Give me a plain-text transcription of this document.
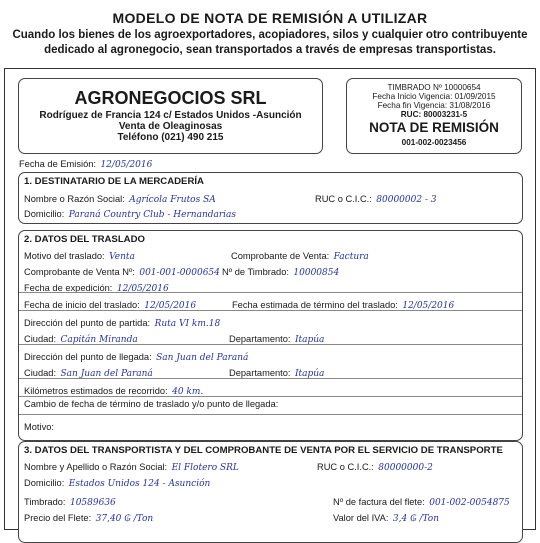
MODELO DE NOTA DE REMISIÓN A UTILIZAR
Cuando los bienes de los agroexportadores, acopiadores, silos y cualquier otro contribuyente
dedicado al agronegocio, sean transportados a través de empresas transportistas.
AGRONEGOCIOS SRL
Rodríguez de Francia 124 c/ Estados Unidos -Asunción
Venta de Oleaginosas
Teléfono (021) 490 215
TIMBRADO Nº 10000654
Fecha Inicio Vigencia: 01/09/2015
Fecha fin Vigencia: 31/08/2016
RUC: 80003231-5
NOTA DE REMISIÓN
001-002-0023456
Fecha de Emisión: 12/05/2016
1. DESTINATARIO DE LA MERCADERÍA
Nombre o Razón Social: Agrícola Frutos SA	RUC o C.I.C.: 80000002 - 3
Domicilio: Paraná Country Club - Hernandarias
2. DATOS DEL TRASLADO
Motivo del traslado: Venta	Comprobante de Venta: Factura
Comprobante de Venta Nº: 001-001-0000654 Nº de Timbrado: 10000854
Fecha de expedición: 12/05/2016
Fecha de inicio del traslado: 12/05/2016	Fecha estimada de término del traslado: 12/05/2016
Dirección del punto de partida: Ruta VI km.18
Ciudad: Capitán Miranda	Departamento: Itapúa
Dirección del punto de llegada: San Juan del Paraná
Ciudad: San Juan del Paraná	Departamento: Itapúa
Kilómetros estimados de recorrido: 40 km.
Cambio de fecha de término de traslado y/o punto de llegada:
Motivo:
3. DATOS DEL TRANSPORTISTA Y DEL COMPROBANTE DE VENTA POR EL SERVICIO DE TRANSPORTE
Nombre y Apellido o Razón Social: El Flotero SRL	RUC o C.I.C.: 80000000-2
Domicilio: Estados Unidos 124 - Asunción
Timbrado: 10589636	Nº de factura del flete: 001-002-0054875
Precio del Flete: 37,40 ₲ /Ton	Valor del IVA: 3,4 ₲ /Ton
